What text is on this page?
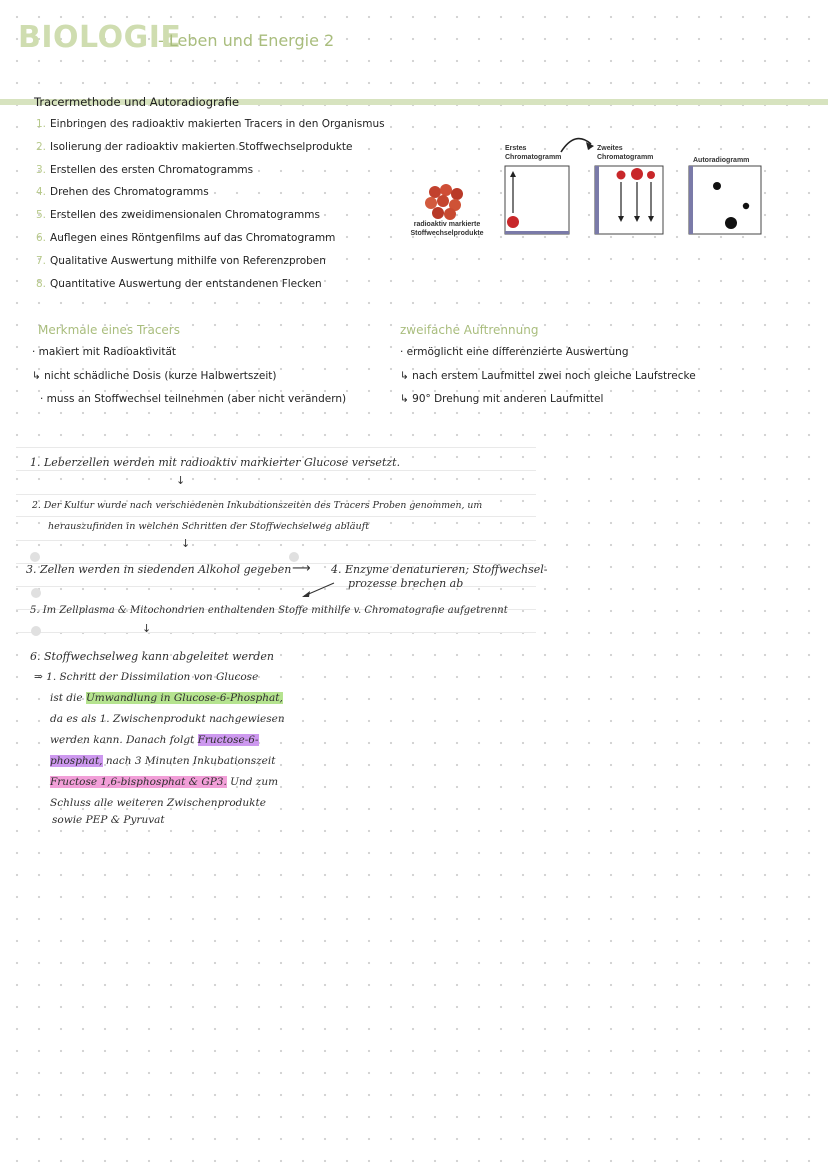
BIOLOGIE
- Leben und Energie 2
Tracermethode und Autoradiografie
1. Einbringen des radioaktiv makierten Tracers in den Organismus
2. Isolierung der radioaktiv makierten Stoffwechselprodukte
3. Erstellen des ersten Chromatogramms
4. Drehen des Chromatogramms
5. Erstellen des zweidimensionalen Chromatogramms
6. Auflegen eines Röntgenfilms auf das Chromatogramm
7. Qualitative Auswertung mithilfe von Referenzproben
8. Quantitative Auswertung der entstandenen Flecken
radioaktiv markierte
Stoffwechselprodukte
Erstes
Chromatogramm
Zweites
Chromatogramm	Autoradiogramm
Merkmale eines Tracers
· makiert mit Radioaktivität
↳ nicht schädliche Dosis (kurze Halbwertszeit)
· muss an Stoffwechsel teilnehmen (aber nicht verändern)
zweifache Auftrennung
· ermöglicht eine differenzierte Auswertung
↳ nach erstem Laufmittel zwei noch gleiche Laufstrecke
↳ 90° Drehung mit anderen Laufmittel
1. Leberzellen werden mit radioaktiv markierter Glucose versetzt.
↓
2. Der Kultur wurde nach verschiedenen Inkubationszeiten des Tracers Proben genommen, um
herauszufinden in welchen Schritten der Stoffwechselweg abläuft
↓
3. Zellen werden in siedenden Alkohol gegeben ⟶ 4. Enzyme denaturieren; Stoffwechsel-
prozesse brechen ab
5. Im Zellplasma & Mitochondrien enthaltenden Stoffe mithilfe v. Chromatografie aufgetrennt
↓
6. Stoffwechselweg kann abgeleitet werden
⇒ 1. Schritt der Dissimilation von Glucose
ist die Umwandlung in Glucose-6-Phosphat,
da es als 1. Zwischenprodukt nachgewiesen
werden kann. Danach folgt Fructose-6-
phosphat, nach 3 Minuten Inkubationszeit
Fructose 1,6-bisphosphat & GP3. Und zum
Schluss alle weiteren Zwischenprodukte
sowie PEP & Pyruvat
